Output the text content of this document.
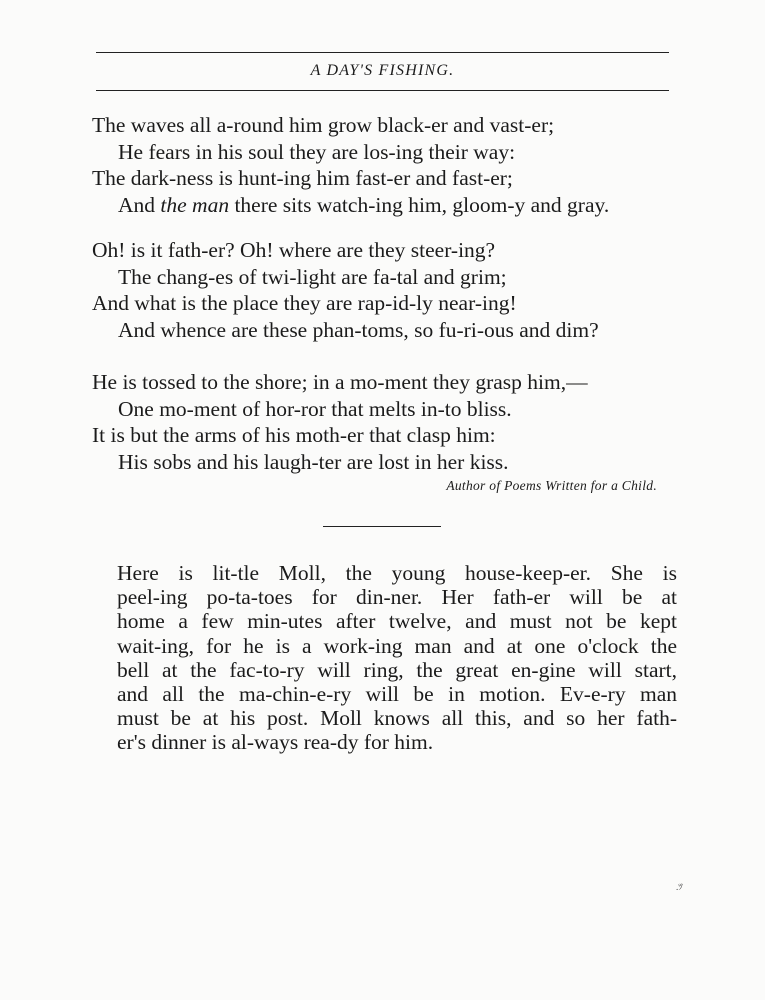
A DAY'S FISHING.
The waves all a-round him grow black-er and vast-er;
He fears in his soul they are los-ing their way:
The dark-ness is hunt-ing him fast-er and fast-er;
And the man there sits watch-ing him, gloom-y and gray.
Oh! is it fath-er? Oh! where are they steer-ing?
The chang-es of twi-light are fa-tal and grim;
And what is the place they are rap-id-ly near-ing!
And whence are these phan-toms, so fu-ri-ous and dim?
He is tossed to the shore; in a mo-ment they grasp him,—
One mo-ment of hor-ror that melts in-to bliss.
It is but the arms of his moth-er that clasp him:
His sobs and his laugh-ter are lost in her kiss.
Author of Poems Written for a Child.
Here is lit-tle Moll, the young house-keep-er. She is
peel-ing po-ta-toes for din-ner. Her fath-er will be at
home a few min-utes after twelve, and must not be kept
wait-ing, for he is a work-ing man and at one o'clock the
bell at the fac-to-ry will ring, the great en-gine will start,
and all the ma-chin-e-ry will be in motion. Ev-e-ry man
must be at his post. Moll knows all this, and so her fath-
er's dinner is al-ways rea-dy for him.
.ﾂ
